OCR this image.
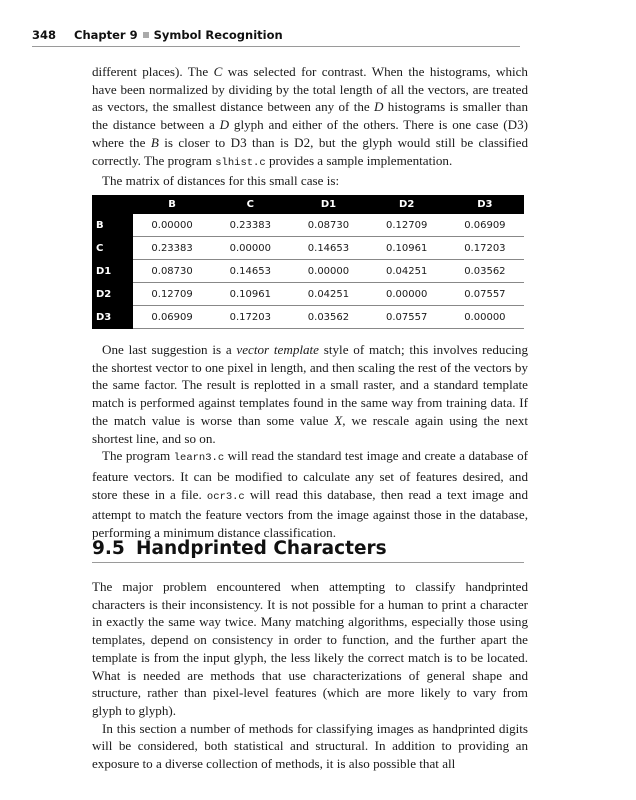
348 Chapter 9 Symbol Recognition

different places). The C was selected for contrast. When the histograms, which have been normalized by dividing by the total length of all the vectors, are treated as vectors, the smallest distance between any of the D histograms is smaller than the distance between a D glyph and either of the others. There is one case (D3) where the B is closer to D3 than is D2, but the glyph would still be classified correctly. The program slhist.c provides a sample implementation.

The matrix of distances for this small case is:

	B	C	D1	D2	D3
B	0.00000	0.23383	0.08730	0.12709	0.06909
C	0.23383	0.00000	0.14653	0.10961	0.17203
D1	0.08730	0.14653	0.00000	0.04251	0.03562
D2	0.12709	0.10961	0.04251	0.00000	0.07557
D3	0.06909	0.17203	0.03562	0.07557	0.00000

One last suggestion is a vector template style of match; this involves reducing the shortest vector to one pixel in length, and then scaling the rest of the vectors by the same factor. The result is replotted in a small raster, and a standard template match is performed against templates found in the same way from training data. If the match value is worse than some value X, we rescale again using the next shortest line, and so on.

The program learn3.c will read the standard test image and create a database of feature vectors. It can be modified to calculate any set of features desired, and store these in a file. ocr3.c will read this database, then read a text image and attempt to match the feature vectors from the image against those in the database, performing a minimum distance classification.

9.5 Handprinted Characters

The major problem encountered when attempting to classify handprinted characters is their inconsistency. It is not possible for a human to print a character in exactly the same way twice. Many matching algorithms, especially those using templates, depend on consistency in order to function, and the further apart the template is from the input glyph, the less likely the correct match is to be located. What is needed are methods that use characterizations of general shape and structure, rather than pixel-level features (which are more likely to vary from glyph to glyph).

In this section a number of methods for classifying images as handprinted digits will be considered, both statistical and structural. In addition to providing an exposure to a diverse collection of methods, it is also possible that all
